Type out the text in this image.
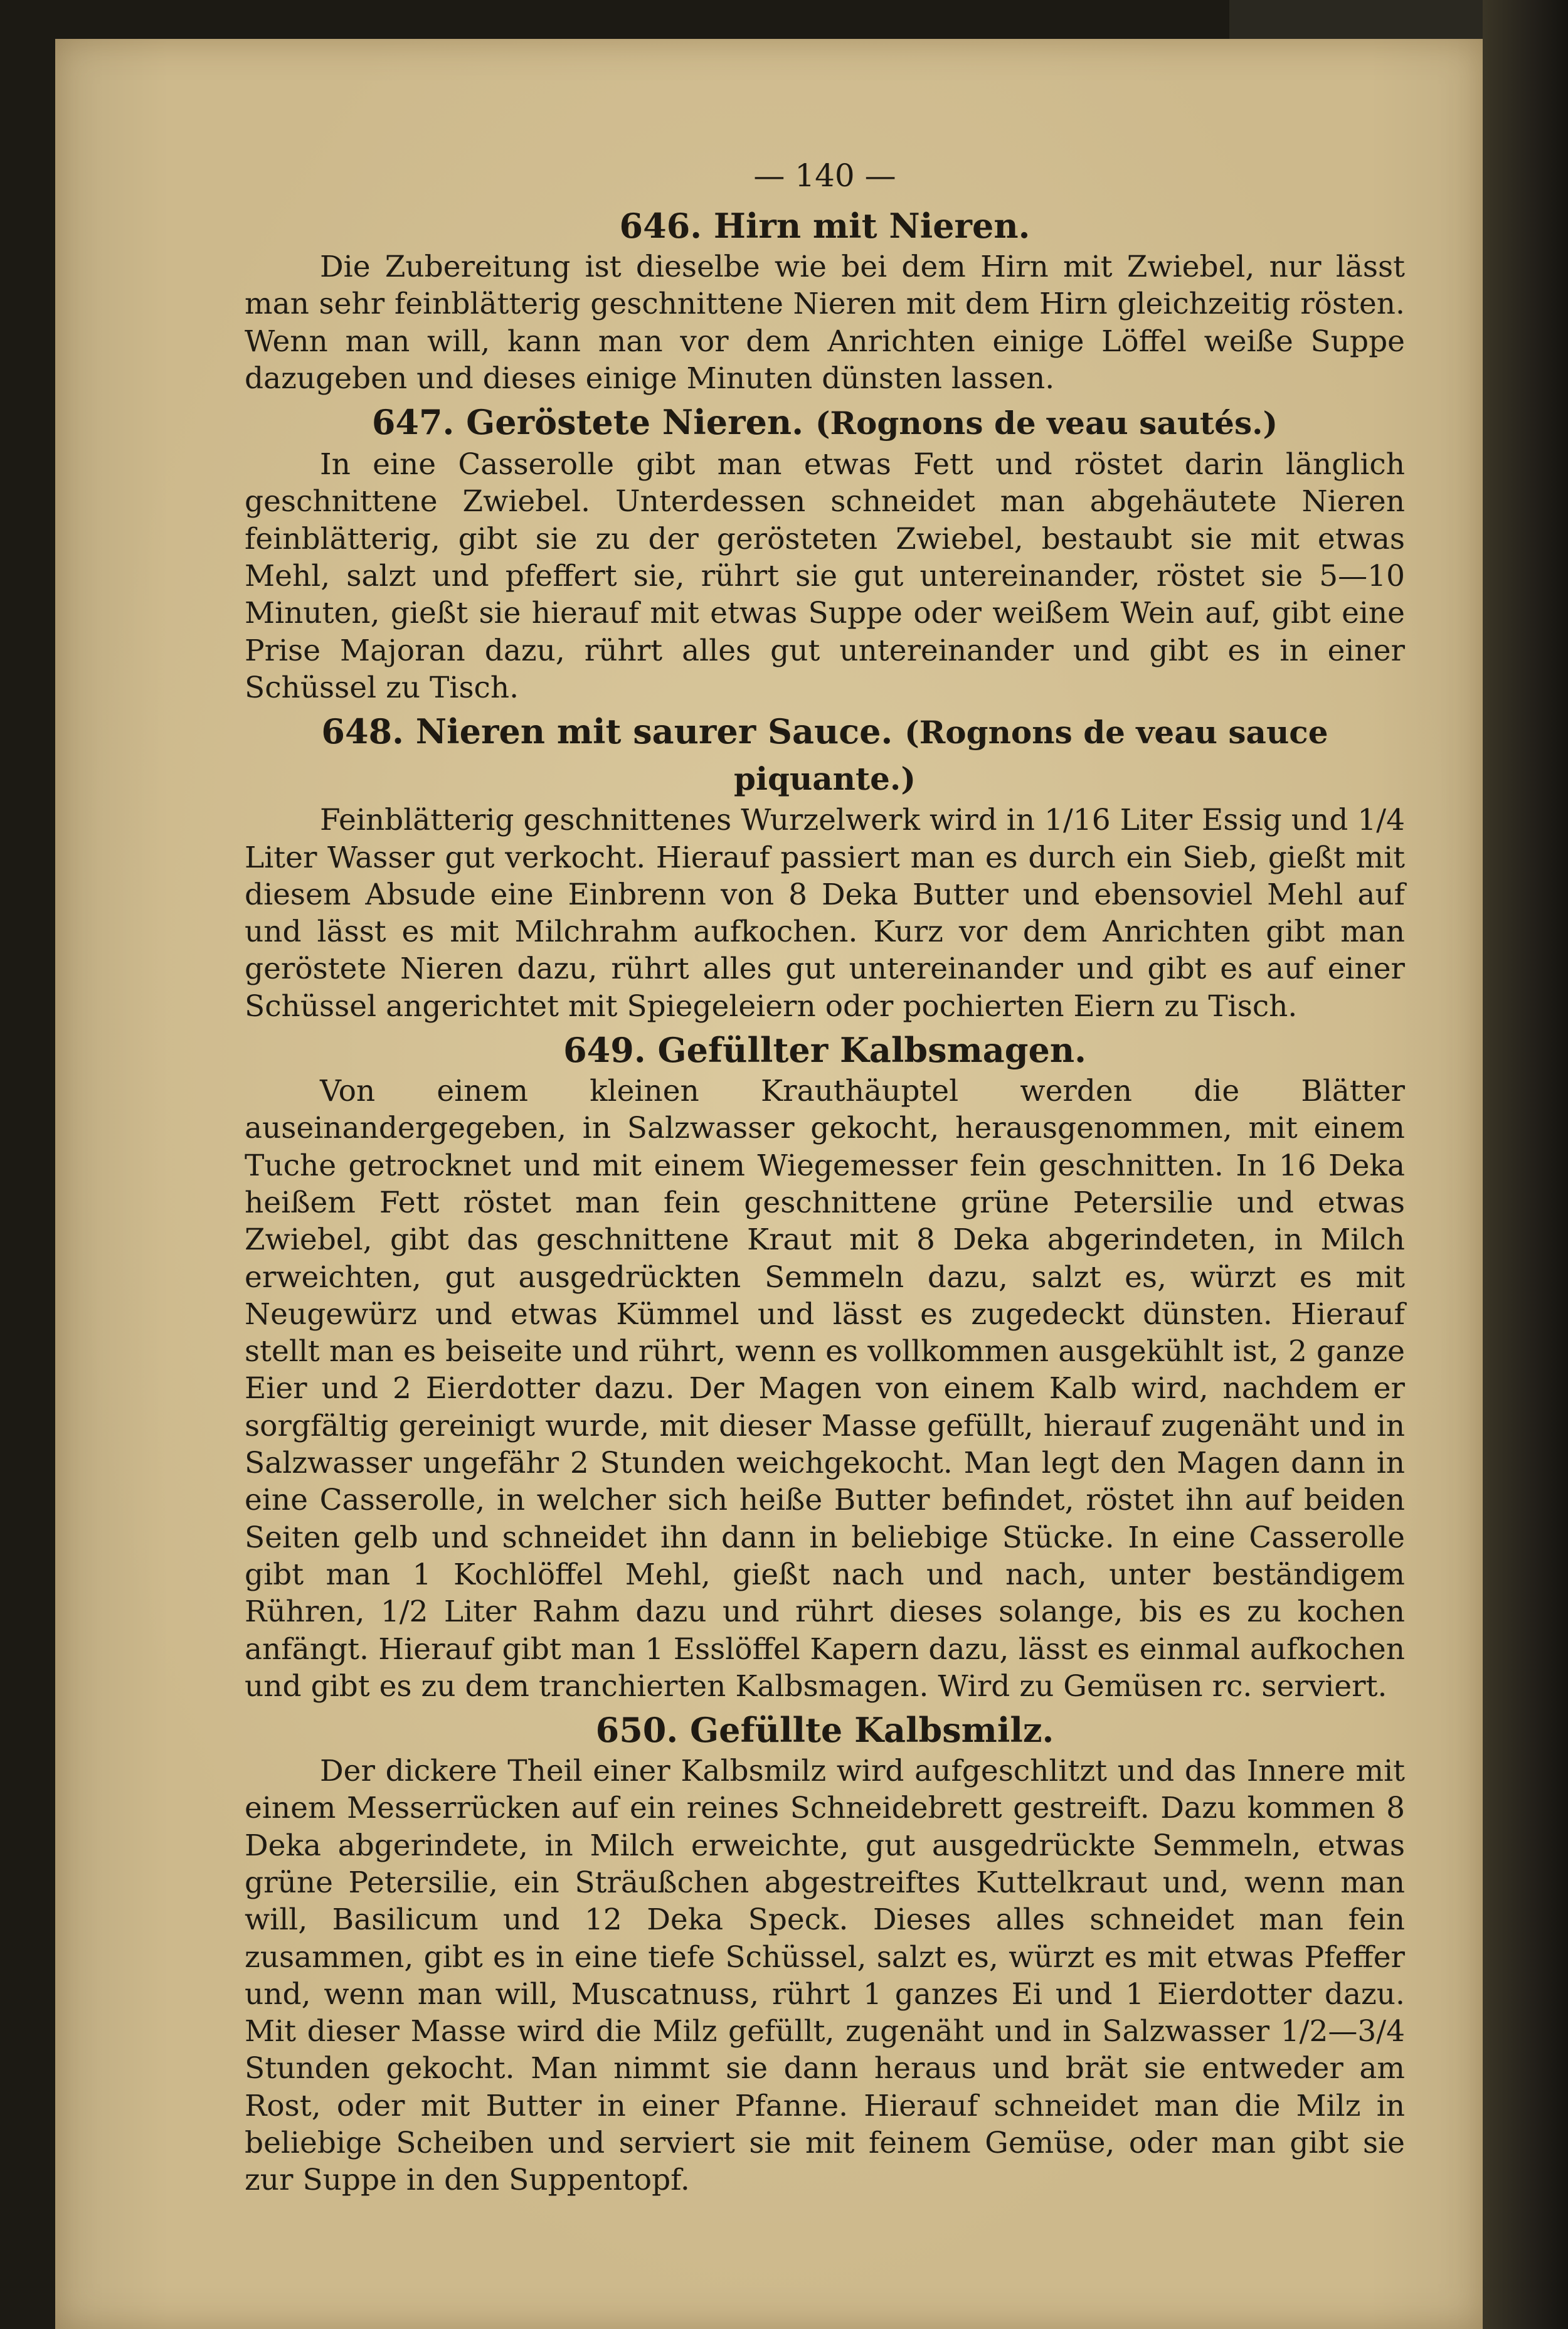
— 140 —
646. Hirn mit Nieren.

Die Zubereitung ist dieselbe wie bei dem Hirn mit Zwiebel, nur lässt man sehr feinblätterig geschnittene Nieren mit dem Hirn gleichzeitig rösten. Wenn man will, kann man vor dem Anrichten einige Löffel weiße Suppe dazugeben und dieses einige Minuten dünsten lassen.

647. Geröstete Nieren. (Rognons de veau sautés.)

In eine Casserolle gibt man etwas Fett und röstet darin länglich geschnittene Zwiebel. Unterdessen schneidet man abgehäutete Nieren feinblätterig, gibt sie zu der gerösteten Zwiebel, bestaubt sie mit etwas Mehl, salzt und pfeffert sie, rührt sie gut untereinander, röstet sie 5—10 Minuten, gießt sie hierauf mit etwas Suppe oder weißem Wein auf, gibt eine Prise Majoran dazu, rührt alles gut untereinander und gibt es in einer Schüssel zu Tisch.

648. Nieren mit saurer Sauce. (Rognons de veau sauce piquante.)

Feinblätterig geschnittenes Wurzelwerk wird in 1/16 Liter Essig und 1/4 Liter Wasser gut verkocht. Hierauf passiert man es durch ein Sieb, gießt mit diesem Absude eine Einbrenn von 8 Deka Butter und ebensoviel Mehl auf und lässt es mit Milchrahm aufkochen. Kurz vor dem Anrichten gibt man geröstete Nieren dazu, rührt alles gut untereinander und gibt es auf einer Schüssel angerichtet mit Spiegeleiern oder pochierten Eiern zu Tisch.

649. Gefüllter Kalbsmagen.

Von einem kleinen Krauthäuptel werden die Blätter auseinandergegeben, in Salzwasser gekocht, herausgenommen, mit einem Tuche getrocknet und mit einem Wiegemesser fein geschnitten. In 16 Deka heißem Fett röstet man fein geschnittene grüne Petersilie und etwas Zwiebel, gibt das geschnittene Kraut mit 8 Deka abgerindeten, in Milch erweichten, gut ausgedrückten Semmeln dazu, salzt es, würzt es mit Neugewürz und etwas Kümmel und lässt es zugedeckt dünsten. Hierauf stellt man es beiseite und rührt, wenn es vollkommen ausgekühlt ist, 2 ganze Eier und 2 Eierdotter dazu. Der Magen von einem Kalb wird, nachdem er sorgfältig gereinigt wurde, mit dieser Masse gefüllt, hierauf zugenäht und in Salzwasser ungefähr 2 Stunden weichgekocht. Man legt den Magen dann in eine Casserolle, in welcher sich heiße Butter befindet, röstet ihn auf beiden Seiten gelb und schneidet ihn dann in beliebige Stücke. In eine Casserolle gibt man 1 Kochlöffel Mehl, gießt nach und nach, unter beständigem Rühren, 1/2 Liter Rahm dazu und rührt dieses solange, bis es zu kochen anfängt. Hierauf gibt man 1 Esslöffel Kapern dazu, lässt es einmal aufkochen und gibt es zu dem tranchierten Kalbsmagen. Wird zu Gemüsen rc. serviert.

650. Gefüllte Kalbsmilz.

Der dickere Theil einer Kalbsmilz wird aufgeschlitzt und das Innere mit einem Messerrücken auf ein reines Schneidebrett gestreift. Dazu kommen 8 Deka abgerindete, in Milch erweichte, gut ausgedrückte Semmeln, etwas grüne Petersilie, ein Sträußchen abgestreiftes Kuttelkraut und, wenn man will, Basilicum und 12 Deka Speck. Dieses alles schneidet man fein zusammen, gibt es in eine tiefe Schüssel, salzt es, würzt es mit etwas Pfeffer und, wenn man will, Muscatnuss, rührt 1 ganzes Ei und 1 Eierdotter dazu. Mit dieser Masse wird die Milz gefüllt, zugenäht und in Salzwasser 1/2—3/4 Stunden gekocht. Man nimmt sie dann heraus und brät sie entweder am Rost, oder mit Butter in einer Pfanne. Hierauf schneidet man die Milz in beliebige Scheiben und serviert sie mit feinem Gemüse, oder man gibt sie zur Suppe in den Suppentopf.
